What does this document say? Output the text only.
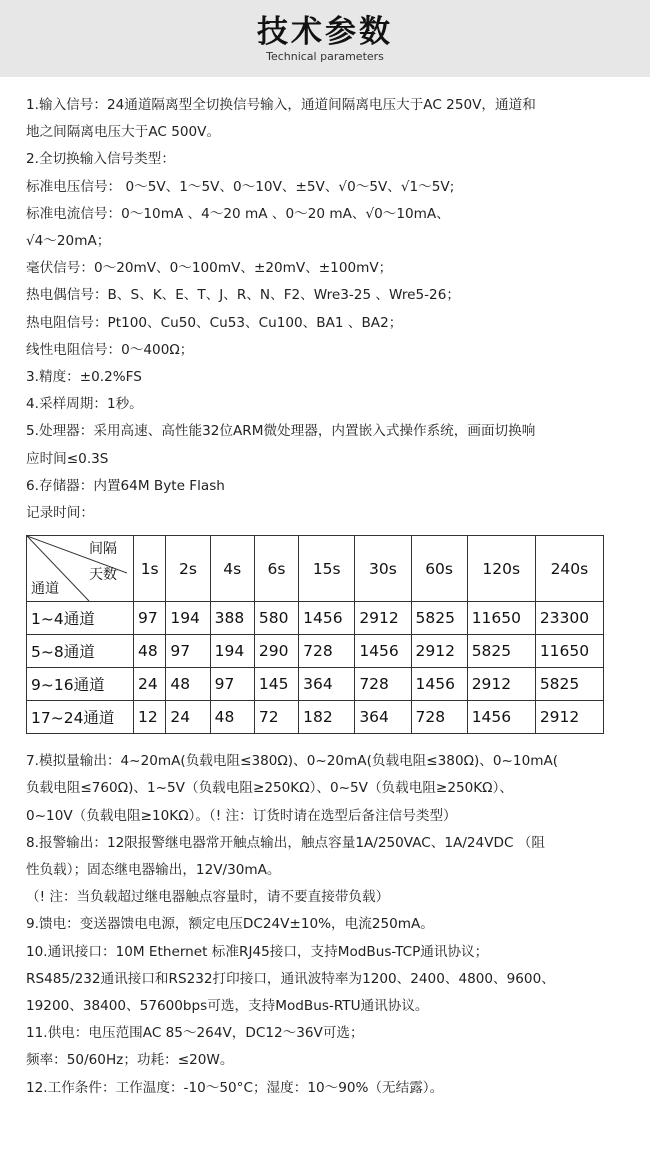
技术参数
Technical parameters
1.输入信号：24通道隔离型全切换信号输入，通道间隔离电压大于AC 250V，通道和
地之间隔离电压大于AC 500V。
2.全切换输入信号类型：
标准电压信号： 0～5V、1～5V、0～10V、±5V、√0～5V、√1～5V;
标准电流信号：0～10mA 、4～20 mA 、0～20 mA、√0～10mA、
√4～20mA；
毫伏信号：0～20mV、0～100mV、±20mV、±100mV；
热电偶信号：B、S、K、E、T、J、R、N、F2、Wre3-25 、Wre5-26；
热电阻信号：Pt100、Cu50、Cu53、Cu100、BA1 、BA2；
线性电阻信号：0～400Ω；
3.精度：±0.2%FS
4.采样周期：1秒。
5.处理器：采用高速、高性能32位ARM微处理器，内置嵌入式操作系统，画面切换响
应时间≤0.3S
6.存储器：内置64M Byte Flash
记录时间：
间隔
天数
通道	1s	2s	4s	6s	15s	30s	60s	120s	240s
1~4通道	97	194	388	580	1456	2912	5825	11650	23300
5~8通道	48	97	194	290	728	1456	2912	5825	11650
9~16通道	24	48	97	145	364	728	1456	2912	5825
17~24通道	12	24	48	72	182	364	728	1456	2912
7.模拟量输出：4~20mA(负载电阻≤380Ω)、0~20mA(负载电阻≤380Ω)、0~10mA(
负载电阻≤760Ω)、1~5V（负载电阻≥250KΩ）、0~5V（负载电阻≥250KΩ）、
0~10V（负载电阻≥10KΩ）。（! 注：订货时请在选型后备注信号类型）
8.报警输出：12限报警继电器常开触点输出，触点容量1A/250VAC、1A/24VDC （阻
性负载）；固态继电器输出，12V/30mA。
（! 注：当负载超过继电器触点容量时，请不要直接带负载）
9.馈电：变送器馈电电源，额定电压DC24V±10%，电流250mA。
10.通讯接口：10M Ethernet 标准RJ45接口，支持ModBus-TCP通讯协议；
RS485/232通讯接口和RS232打印接口，通讯波特率为1200、2400、4800、9600、
19200、38400、57600bps可选，支持ModBus-RTU通讯协议。
11.供电：电压范围AC 85～264V，DC12～36V可选；
频率：50/60Hz；功耗：≤20W。
12.工作条件：工作温度：-10～50°C；湿度：10～90%（无结露）。
